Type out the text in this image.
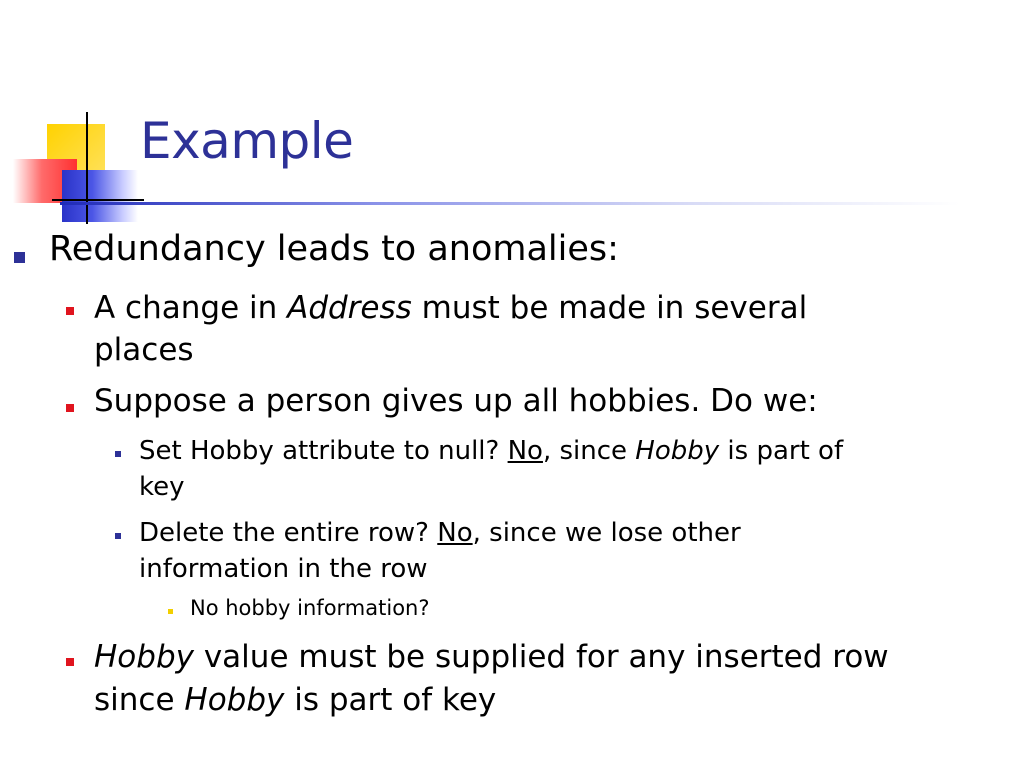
Example
Redundancy leads to anomalies:
A change in Address must be made in several
places
Suppose a person gives up all hobbies. Do we:
Set Hobby attribute to null? No, since Hobby is part of
key
Delete the entire row? No, since we lose other
information in the row
No hobby information?
Hobby value must be supplied for any inserted row
since Hobby is part of key
